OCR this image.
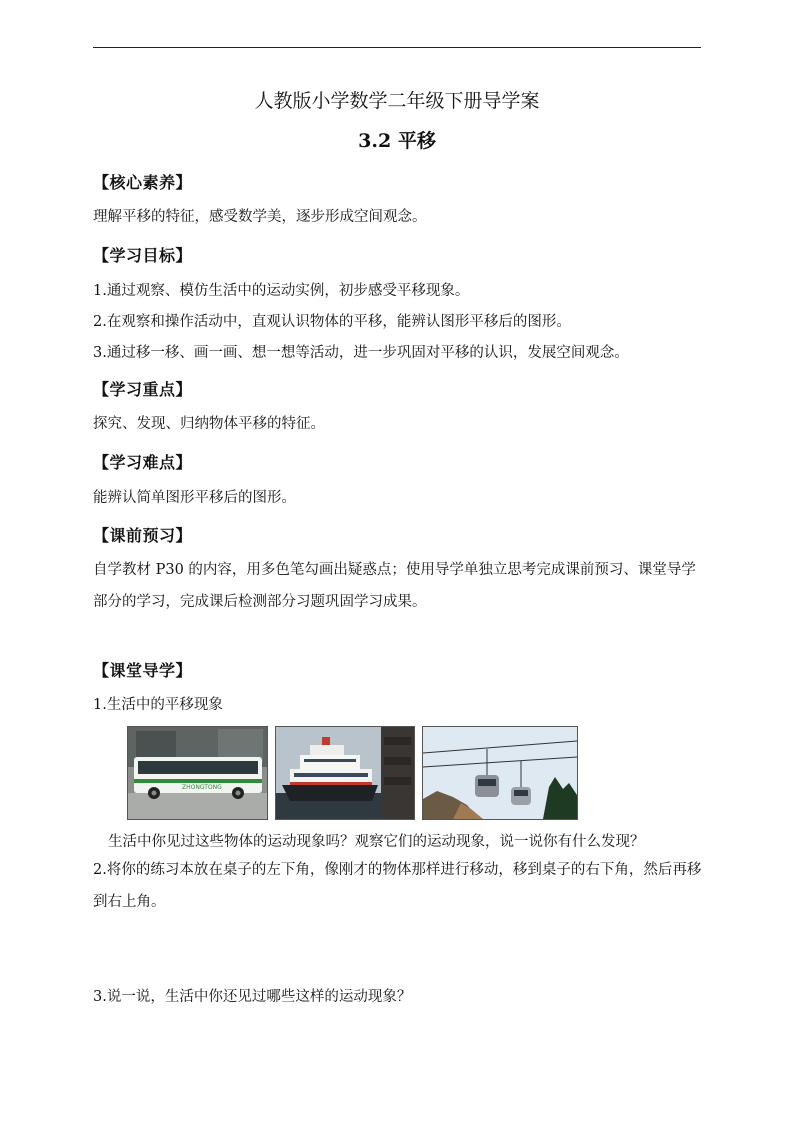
人教版小学数学二年级下册导学案
3.2 平移
【核心素养】
理解平移的特征，感受数学美，逐步形成空间观念。
【学习目标】
1.通过观察、模仿生活中的运动实例，初步感受平移现象。
2.在观察和操作活动中，直观认识物体的平移，能辨认图形平移后的图形。
3.通过移一移、画一画、想一想等活动，进一步巩固对平移的认识，发展空间观念。
【学习重点】
探究、发现、归纳物体平移的特征。
【学习难点】
能辨认简单图形平移后的图形。
【课前预习】
自学教材 P30 的内容，用多色笔勾画出疑惑点；使用导学单独立思考完成课前预习、课堂导学部分的学习，完成课后检测部分习题巩固学习成果。
【课堂导学】
1.生活中的平移现象
ZHONGTONG
生活中你见过这些物体的运动现象吗？观察它们的运动现象，说一说你有什么发现？
2.将你的练习本放在桌子的左下角，像刚才的物体那样进行移动，移到桌子的右下角，然后再移到右上角。
3.说一说，生活中你还见过哪些这样的运动现象？
